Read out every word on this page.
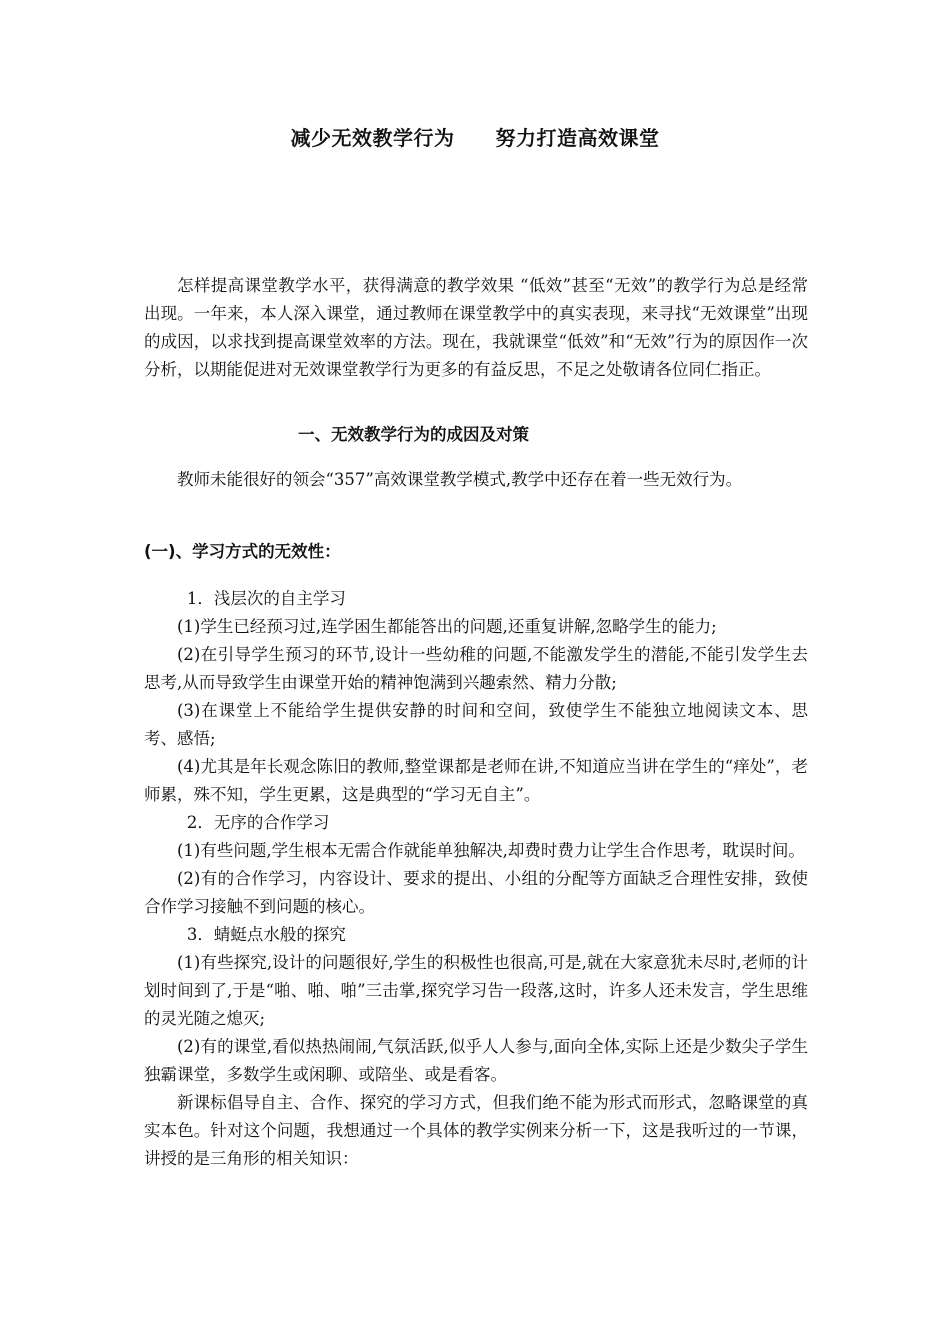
减少无效教学行为　　努力打造高效课堂

怎样提高课堂教学水平，获得满意的教学效果 “低效”甚至“无效”的教学行为总是经常出现。一年来，本人深入课堂，通过教师在课堂教学中的真实表现，来寻找“无效课堂”出现的成因，以求找到提高课堂效率的方法。现在，我就课堂“低效”和“无效”行为的原因作一次分析，以期能促进对无效课堂教学行为更多的有益反思，不足之处敬请各位同仁指正。

一、无效教学行为的成因及对策

教师未能很好的领会“357”高效课堂教学模式,教学中还存在着一些无效行为。

(一)、学习方式的无效性：

1．浅层次的自主学习

(1)学生已经预习过,连学困生都能答出的问题,还重复讲解,忽略学生的能力;

(2)在引导学生预习的环节,设计一些幼稚的问题,不能激发学生的潜能,不能引发学生去思考,从而导致学生由课堂开始的精神饱满到兴趣索然、精力分散;

(3)在课堂上不能给学生提供安静的时间和空间，致使学生不能独立地阅读文本、思考、感悟;

(4)尤其是年长观念陈旧的教师,整堂课都是老师在讲,不知道应当讲在学生的“痒处”，老师累，殊不知，学生更累，这是典型的“学习无自主”。

2．无序的合作学习

(1)有些问题,学生根本无需合作就能单独解决,却费时费力让学生合作思考，耽误时间。

(2)有的合作学习，内容设计、要求的提出、小组的分配等方面缺乏合理性安排，致使合作学习接触不到问题的核心。

3．蜻蜓点水般的探究

(1)有些探究,设计的问题很好,学生的积极性也很高,可是,就在大家意犹未尽时,老师的计划时间到了,于是“啪、啪、啪”三击掌,探究学习告一段落,这时，许多人还未发言，学生思维的灵光随之熄灭;

(2)有的课堂,看似热热闹闹,气氛活跃,似乎人人参与,面向全体,实际上还是少数尖子学生独霸课堂，多数学生或闲聊、或陪坐、或是看客。

新课标倡导自主、合作、探究的学习方式，但我们绝不能为形式而形式，忽略课堂的真实本色。针对这个问题，我想通过一个具体的教学实例来分析一下，这是我听过的一节课，讲授的是三角形的相关知识：
